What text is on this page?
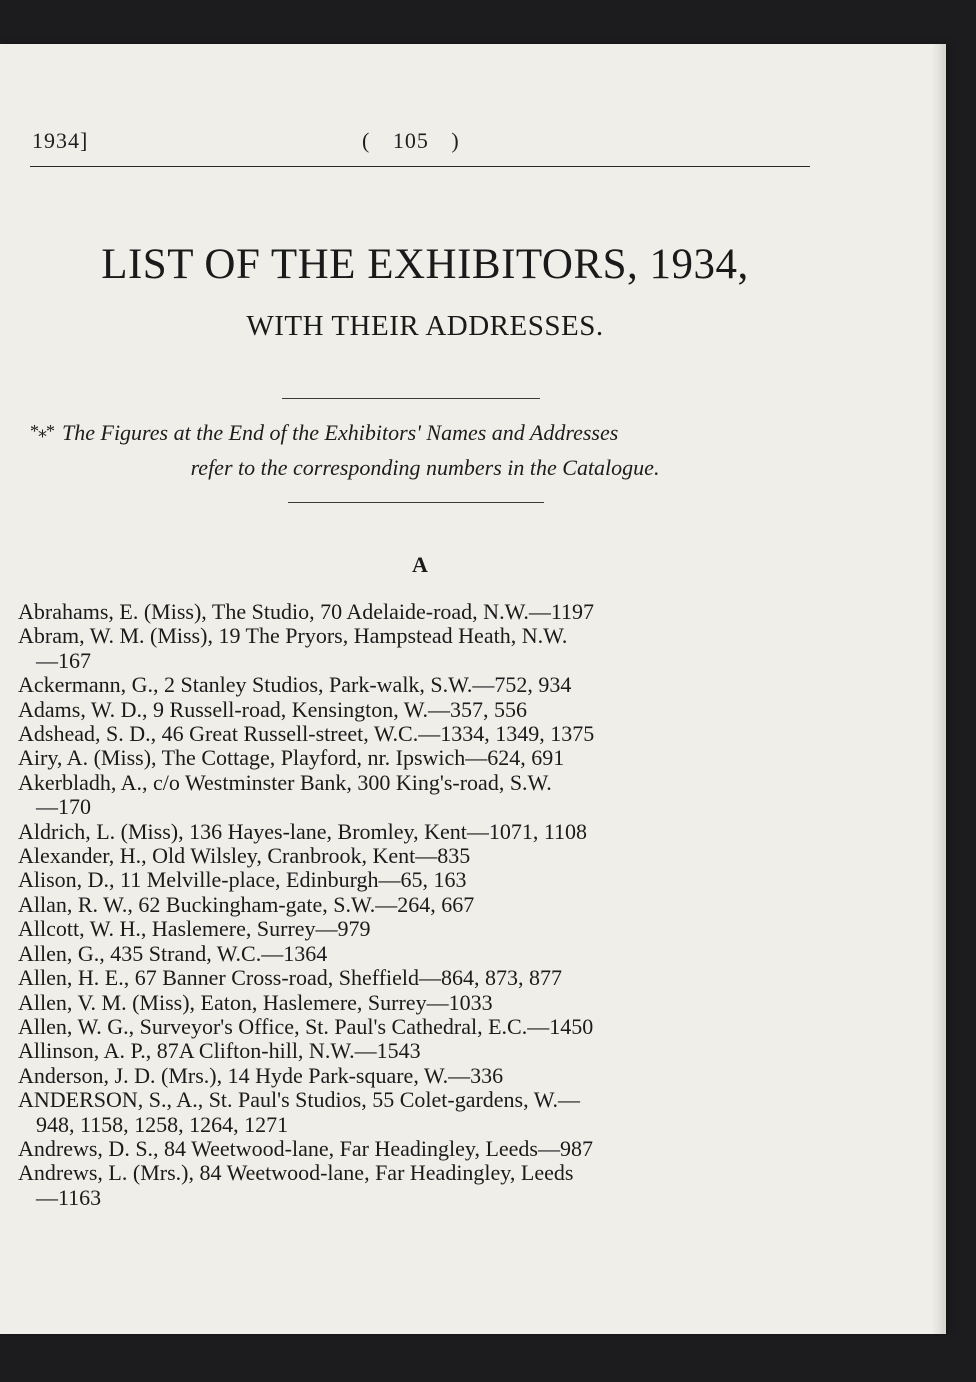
1934]	( 105 )
LIST OF THE EXHIBITORS, 1934,
WITH THEIR ADDRESSES.
*⁎* The Figures at the End of the Exhibitors' Names and Addresses
refer to the corresponding numbers in the Catalogue.
A
Abrahams, E. (Miss), The Studio, 70 Adelaide-road, N.W.—1197
Abram, W. M. (Miss), 19 The Pryors, Hampstead Heath, N.W.
—167
Ackermann, G., 2 Stanley Studios, Park-walk, S.W.—752, 934
Adams, W. D., 9 Russell-road, Kensington, W.—357, 556
Adshead, S. D., 46 Great Russell-street, W.C.—1334, 1349, 1375
Airy, A. (Miss), The Cottage, Playford, nr. Ipswich—624, 691
Akerbladh, A., c/o Westminster Bank, 300 King's-road, S.W.
—170
Aldrich, L. (Miss), 136 Hayes-lane, Bromley, Kent—1071, 1108
Alexander, H., Old Wilsley, Cranbrook, Kent—835
Alison, D., 11 Melville-place, Edinburgh—65, 163
Allan, R. W., 62 Buckingham-gate, S.W.—264, 667
Allcott, W. H., Haslemere, Surrey—979
Allen, G., 435 Strand, W.C.—1364
Allen, H. E., 67 Banner Cross-road, Sheffield—864, 873, 877
Allen, V. M. (Miss), Eaton, Haslemere, Surrey—1033
Allen, W. G., Surveyor's Office, St. Paul's Cathedral, E.C.—1450
Allinson, A. P., 87A Clifton-hill, N.W.—1543
Anderson, J. D. (Mrs.), 14 Hyde Park-square, W.—336
ANDERSON, S., A., St. Paul's Studios, 55 Colet-gardens, W.—
948, 1158, 1258, 1264, 1271
Andrews, D. S., 84 Weetwood-lane, Far Headingley, Leeds—987
Andrews, L. (Mrs.), 84 Weetwood-lane, Far Headingley, Leeds
—1163
